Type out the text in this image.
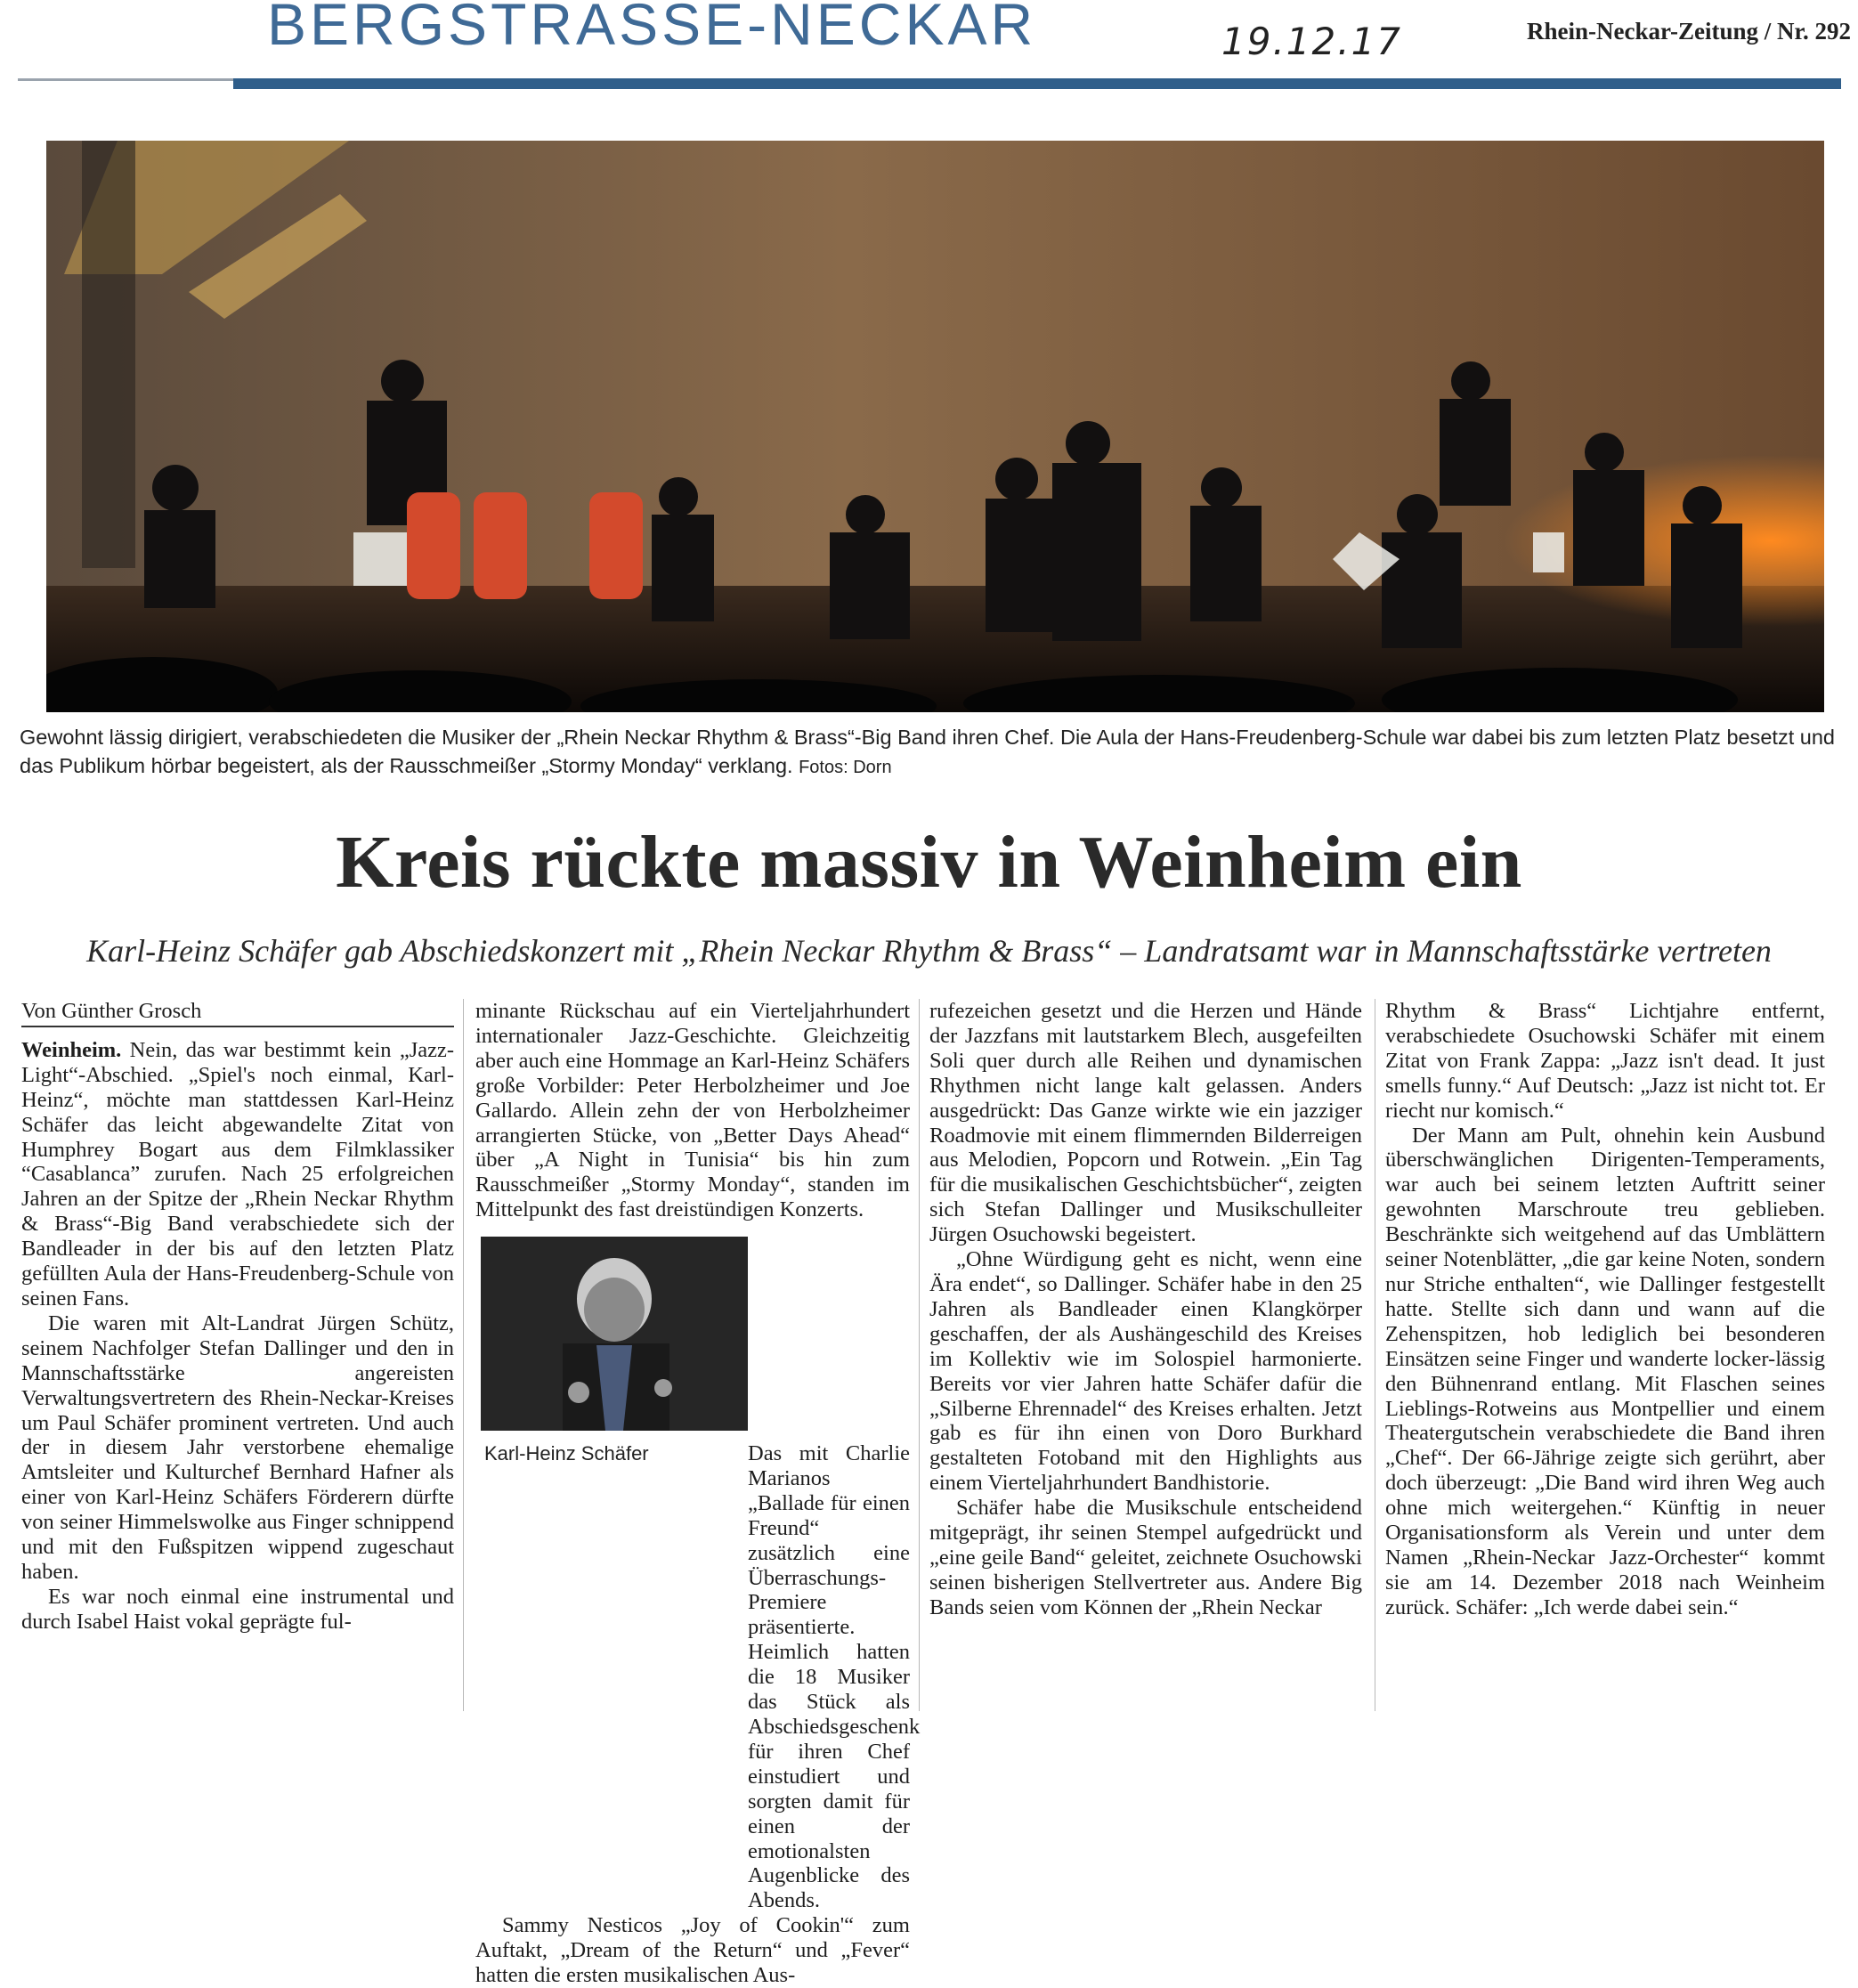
BERGSTRASSE-NECKAR	19.12.17	Rhein-Neckar-Zeitung / Nr. 292
Gewohnt lässig dirigiert, verabschiedeten die Musiker der „Rhein Neckar Rhythm & Brass“-Big Band ihren Chef. Die Aula der Hans-Freudenberg-Schule war dabei bis zum letzten Platz besetzt und das Publikum hörbar begeistert, als der Rausschmeißer „Stormy Monday“ verklang. Fotos: Dorn
Kreis rückte massiv in Weinheim ein
Karl-Heinz Schäfer gab Abschiedskonzert mit „Rhein Neckar Rhythm & Brass“ – Landratsamt war in Mannschaftsstärke vertreten

Von Günther Grosch

Weinheim. Nein, das war bestimmt kein „Jazz-Light“-Abschied. „Spiel's noch einmal, Karl-Heinz“, möchte man stattdessen Karl-Heinz Schäfer das leicht abgewandelte Zitat von Humphrey Bogart aus dem Filmklassiker “Casablanca” zurufen. Nach 25 erfolgreichen Jahren an der Spitze der „Rhein Neckar Rhythm & Brass“-Big Band verabschiedete sich der Bandleader in der bis auf den letzten Platz gefüllten Aula der Hans-Freudenberg-Schule von seinen Fans.

Die waren mit Alt-Landrat Jürgen Schütz, seinem Nachfolger Stefan Dallinger und den in Mannschaftsstärke angereisten Verwaltungsvertretern des Rhein-Neckar-Kreises um Paul Schäfer prominent vertreten. Und auch der in diesem Jahr verstorbene ehemalige Amtsleiter und Kulturchef Bernhard Hafner als einer von Karl-Heinz Schäfers Förderern dürfte von seiner Himmelswolke aus Finger schnippend und mit den Fußspitzen wippend zugeschaut haben.

Es war noch einmal eine instrumental und durch Isabel Haist vokal geprägte ful-

minante Rückschau auf ein Vierteljahrhundert internationaler Jazz-Geschichte. Gleichzeitig aber auch eine Hommage an Karl-Heinz Schäfers große Vorbilder: Peter Herbolzheimer und Joe Gallardo. Allein zehn der von Herbolzheimer arrangierten Stücke, von „Better Days Ahead“ über „A Night in Tunisia“ bis hin zum Rausschmeißer „Stormy Monday“, standen im Mittelpunkt des fast dreistündigen Konzerts.

Das mit Charlie Marianos „Ballade für einen Freund“ zusätzlich eine Überraschungs-Premiere präsentierte. Heimlich hatten die 18 Musiker das Stück als Abschiedsgeschenk für ihren Chef einstudiert und sorgten damit für einen der emotionalsten Augenblicke des Abends.

Sammy Nesticos „Joy of Cookin'“ zum Auftakt, „Dream of the Return“ und „Fever“ hatten die ersten musikalischen Aus-

Karl-Heinz Schäfer

rufezeichen gesetzt und die Herzen und Hände der Jazzfans mit lautstarkem Blech, ausgefeilten Soli quer durch alle Reihen und dynamischen Rhythmen nicht lange kalt gelassen. Anders ausgedrückt: Das Ganze wirkte wie ein jazziger Roadmovie mit einem flimmernden Bilderreigen aus Melodien, Popcorn und Rotwein. „Ein Tag für die musikalischen Geschichtsbücher“, zeigten sich Stefan Dallinger und Musikschulleiter Jürgen Osuchowski begeistert.

„Ohne Würdigung geht es nicht, wenn eine Ära endet“, so Dallinger. Schäfer habe in den 25 Jahren als Bandleader einen Klangkörper geschaffen, der als Aushängeschild des Kreises im Kollektiv wie im Solospiel harmonierte. Bereits vor vier Jahren hatte Schäfer dafür die „Silberne Ehrennadel“ des Kreises erhalten. Jetzt gab es für ihn einen von Doro Burkhard gestalteten Fotoband mit den Highlights aus einem Vierteljahrhundert Bandhistorie.

Schäfer habe die Musikschule entscheidend mitgeprägt, ihr seinen Stempel aufgedrückt und „eine geile Band“ geleitet, zeichnete Osuchowski seinen bisherigen Stellvertreter aus. Andere Big Bands seien vom Können der „Rhein Neckar

Rhythm & Brass“ Lichtjahre entfernt, verabschiedete Osuchowski Schäfer mit einem Zitat von Frank Zappa: „Jazz isn't dead. It just smells funny.“ Auf Deutsch: „Jazz ist nicht tot. Er riecht nur komisch.“

Der Mann am Pult, ohnehin kein Ausbund überschwänglichen Dirigenten-Temperaments, war auch bei seinem letzten Auftritt seiner gewohnten Marschroute treu geblieben. Beschränkte sich weitgehend auf das Umblättern seiner Notenblätter, „die gar keine Noten, sondern nur Striche enthalten“, wie Dallinger festgestellt hatte. Stellte sich dann und wann auf die Zehenspitzen, hob lediglich bei besonderen Einsätzen seine Finger und wanderte locker-lässig den Bühnenrand entlang. Mit Flaschen seines Lieblings-Rotweins aus Montpellier und einem Theatergutschein verabschiedete die Band ihren „Chef“. Der 66-Jährige zeigte sich gerührt, aber doch überzeugt: „Die Band wird ihren Weg auch ohne mich weitergehen.“ Künftig in neuer Organisationsform als Verein und unter dem Namen „Rhein-Neckar Jazz-Orchester“ kommt sie am 14. Dezember 2018 nach Weinheim zurück. Schäfer: „Ich werde dabei sein.“
